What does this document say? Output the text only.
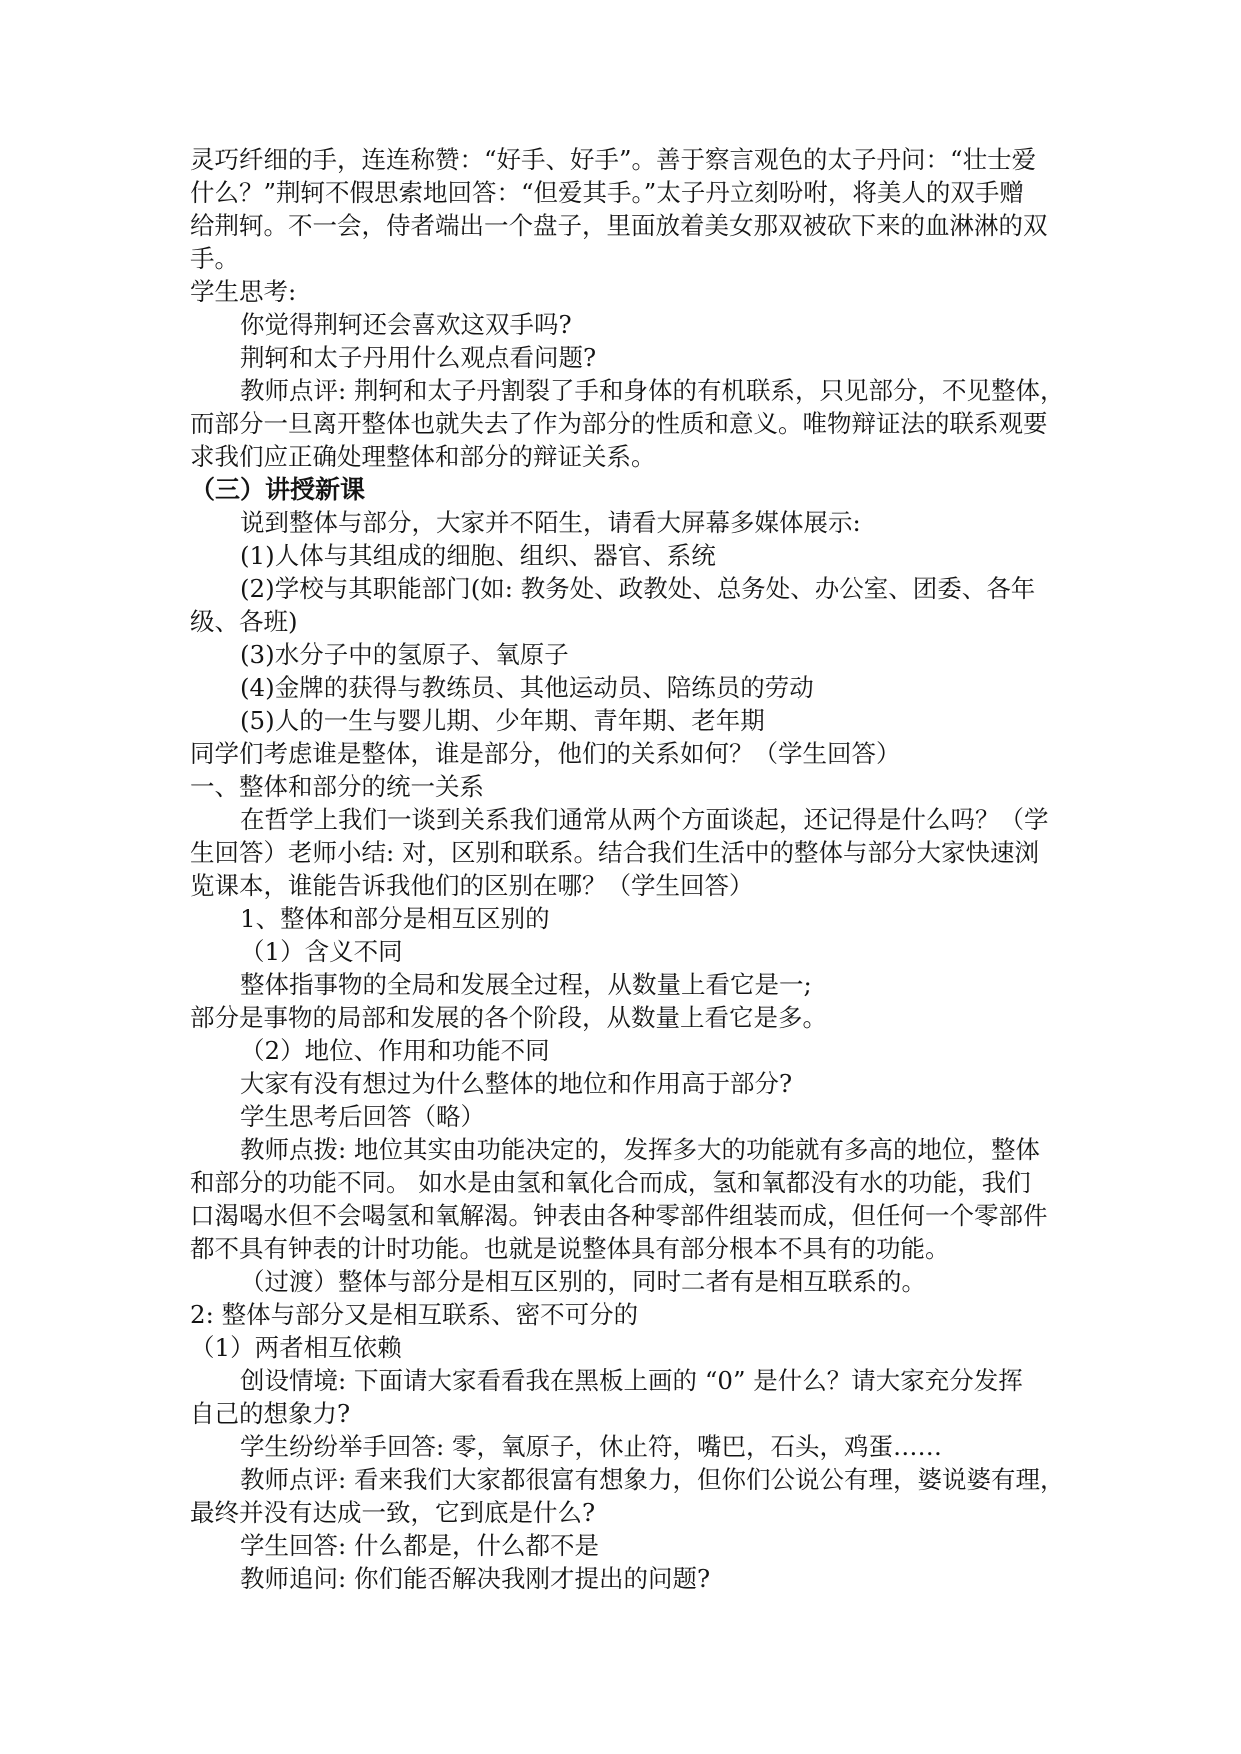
灵巧纤细的手，连连称赞：“好手、好手”。善于察言观色的太子丹问：“壮士爱
什么？”荆轲不假思索地回答：“但爱其手。”太子丹立刻吩咐，将美人的双手赠
给荆轲。不一会，侍者端出一个盘子，里面放着美女那双被砍下来的血淋淋的双
手。
学生思考:
你觉得荆轲还会喜欢这双手吗?
荆轲和太子丹用什么观点看问题?
教师点评: 荆轲和太子丹割裂了手和身体的有机联系，只见部分，不见整体，
而部分一旦离开整体也就失去了作为部分的性质和意义。唯物辩证法的联系观要
求我们应正确处理整体和部分的辩证关系。
（三）讲授新课
说到整体与部分，大家并不陌生，请看大屏幕多媒体展示:
(1)人体与其组成的细胞、组织、器官、系统
(2)学校与其职能部门(如: 教务处、政教处、总务处、办公室、团委、各年
级、各班)
(3)水分子中的氢原子、氧原子
(4)金牌的获得与教练员、其他运动员、陪练员的劳动
(5)人的一生与婴儿期、少年期、青年期、老年期
同学们考虑谁是整体，谁是部分，他们的关系如何？（学生回答）
一、整体和部分的统一关系
在哲学上我们一谈到关系我们通常从两个方面谈起，还记得是什么吗？（学
生回答）老师小结: 对，区别和联系。结合我们生活中的整体与部分大家快速浏
览课本，谁能告诉我他们的区别在哪？（学生回答）
1、整体和部分是相互区别的
（1）含义不同
整体指事物的全局和发展全过程，从数量上看它是一;
部分是事物的局部和发展的各个阶段，从数量上看它是多。
（2）地位、作用和功能不同
大家有没有想过为什么整体的地位和作用高于部分?
学生思考后回答（略）
教师点拨: 地位其实由功能决定的，发挥多大的功能就有多高的地位，整体
和部分的功能不同。 如水是由氢和氧化合而成，氢和氧都没有水的功能，我们
口渴喝水但不会喝氢和氧解渴。钟表由各种零部件组装而成，但任何一个零部件
都不具有钟表的计时功能。也就是说整体具有部分根本不具有的功能。
（过渡）整体与部分是相互区别的，同时二者有是相互联系的。
2: 整体与部分又是相互联系、密不可分的
（1）两者相互依赖
创设情境: 下面请大家看看我在黑板上画的 “0” 是什么？请大家充分发挥
自己的想象力?
学生纷纷举手回答: 零，氧原子，休止符，嘴巴，石头，鸡蛋……
教师点评: 看来我们大家都很富有想象力，但你们公说公有理，婆说婆有理，
最终并没有达成一致，它到底是什么?
学生回答: 什么都是，什么都不是
教师追问: 你们能否解决我刚才提出的问题?
